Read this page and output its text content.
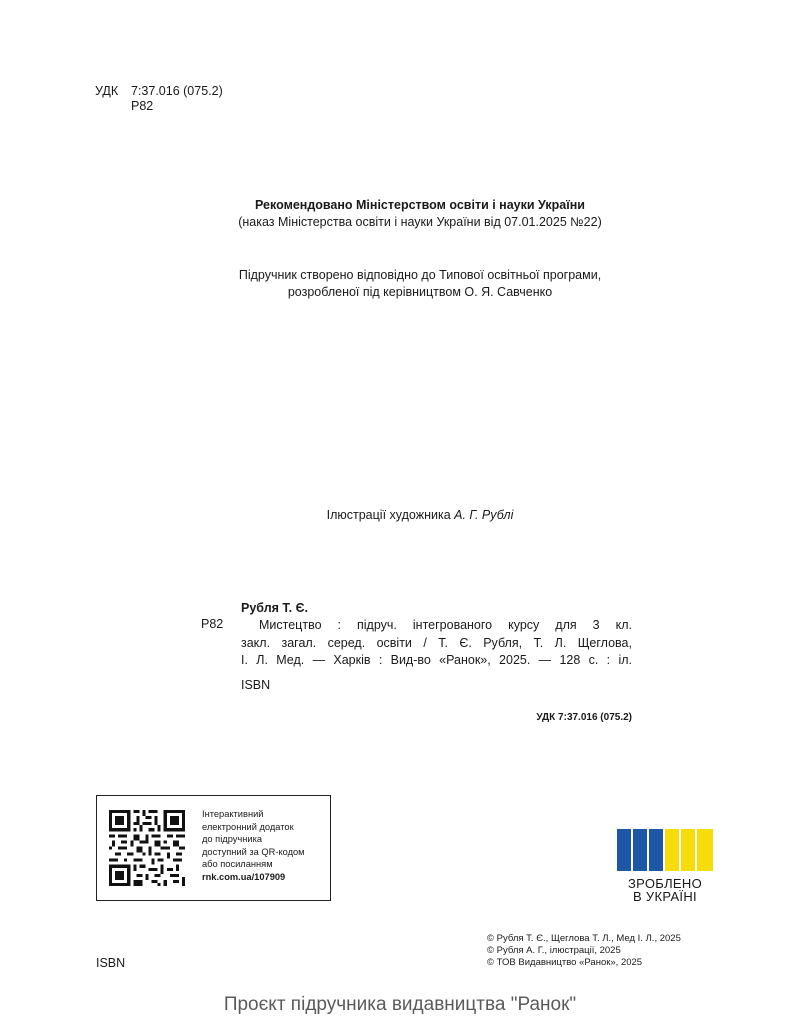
УДК	7:37.016 (075.2)
Р82
Рекомендовано Міністерством освіти і науки України
(наказ Міністерства освіти і науки України від 07.01.2025 №22)
Підручник створено відповідно до Типової освітньої програми,
розробленої під керівництвом О. Я. Савченко
Ілюстрації художника А. Г. Рублі
Рубля Т. Є.
Р82	Мистецтво : підруч. інтегрованого курсу для 3 кл.
закл. загал. серед. освіти / Т. Є. Рубля, Т. Л. Щеглова,
І. Л. Мед. — Харків : Вид-во «Ранок», 2025. — 128 с. : іл.
ISBN
УДК 7:37.016 (075.2)
Інтерактивний
електронний додаток
до підручника
доступний за QR-кодом
або посиланням
rnk.com.ua/107909	ЗРОБЛЕНО
В УКРАЇНІ
© Рубля Т. Є., Щеглова Т. Л., Мед І. Л., 2025
© Рубля А. Г., ілюстрації, 2025
© ТОВ Видавництво «Ранок», 2025
ISBN
Проєкт підручника видавництва "Ранок"
